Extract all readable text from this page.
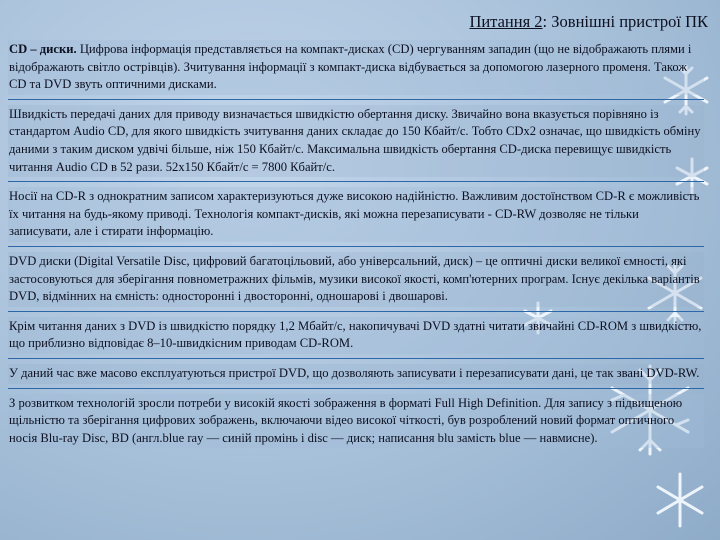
Питання 2: Зовнішні пристрої ПК
CD – диски. Цифрова інформація представляється на компакт-дисках (CD) чергуванням западин (що не відображають плями і відображають світло острівців). Зчитування інформації з компакт-диска відбувається за допомогою лазерного променя. Також CD та DVD звуть оптичними дисками.
Швидкість передачі даних для приводу визначається швидкістю обертання диску. Звичайно вона вказується порівняно із стандартом Audio CD, для якого швидкість зчитування даних складає до 150 Кбайт/с. Тобто CDх2 означає, що швидкість обміну даними з таким диском удвічі більше, ніж 150 Кбайт/с. Максимальна швидкість обертання CD-диска перевищує швидкість читання Audio CD в 52 рази. 52х150 Кбайт/с = 7800 Кбайт/с.
Носії на CD-R з однократним записом характеризуються дуже високою надійністю. Важливим достоїнством CD-R є можливість їх читання на будь-якому приводі. Технологія компакт-дисків, які можна перезаписувати - CD-RW дозволяє не тільки записувати, але і стирати інформацію.
DVD диски (Digital Versatile Disc, цифровий багатоцільовий, або універсальний, диск) – це оптичні диски великої ємності, які застосовуються для зберігання повнометражних фільмів, музики високої якості, комп'ютерних програм. Існує декілька варіантів DVD, відмінних на ємність: односторонні і двосторонні, одношарові і двошарові.
Крім читання даних з DVD із швидкістю порядку 1,2 Мбайт/с, накопичувачі DVD здатні читати звичайні CD-ROM з швидкістю, що приблизно відповідає 8–10-швидкісним приводам CD-ROM.
У даний час вже масово експлуатуються пристрої DVD, що дозволяють записувати і перезаписувати дані, це так звані DVD-RW.
З розвитком технологій зросли потреби у високій якості зображення в форматі Full High Definition. Для запису з підвищеною щільністю та зберігання цифрових зображень, включаючи відео високої чіткості, був розроблений новий формат оптичного носія Blu-ray Disc, BD (англ.blue ray — синій промінь і disc — диск; написання blu замість blue — навмисне).
